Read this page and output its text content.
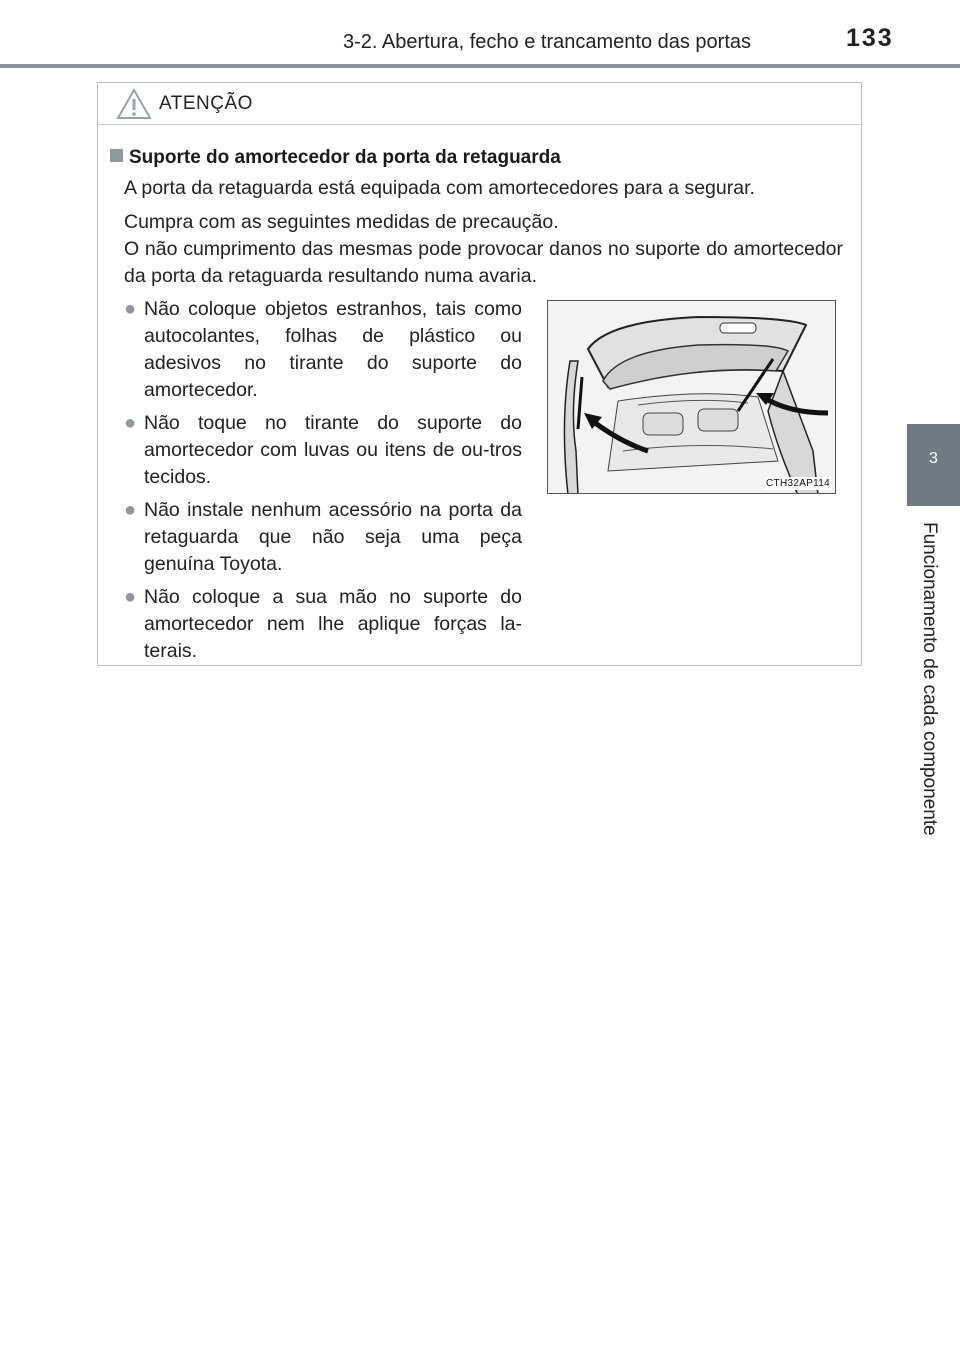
3-2. Abertura, fecho e trancamento das portas	133
3
Funcionamento de cada componente
ATENÇÃO
Suporte do amortecedor da porta da retaguarda
A porta da retaguarda está equipada com amortecedores para a segurar.
Cumpra com as seguintes medidas de precaução.
O não cumprimento das mesmas pode provocar danos no suporte do amortecedor da porta da retaguarda resultando numa avaria.
● Não coloque objetos estranhos, tais como autocolantes, folhas de plástico ou adesivos no tirante do suporte do amortecedor.
● Não toque no tirante do suporte do amortecedor com luvas ou itens de ou-tros tecidos.
● Não instale nenhum acessório na porta da retaguarda que não seja uma peça genuína Toyota.
● Não coloque a sua mão no suporte do amortecedor nem lhe aplique forças la-terais.
CTH32AP114
